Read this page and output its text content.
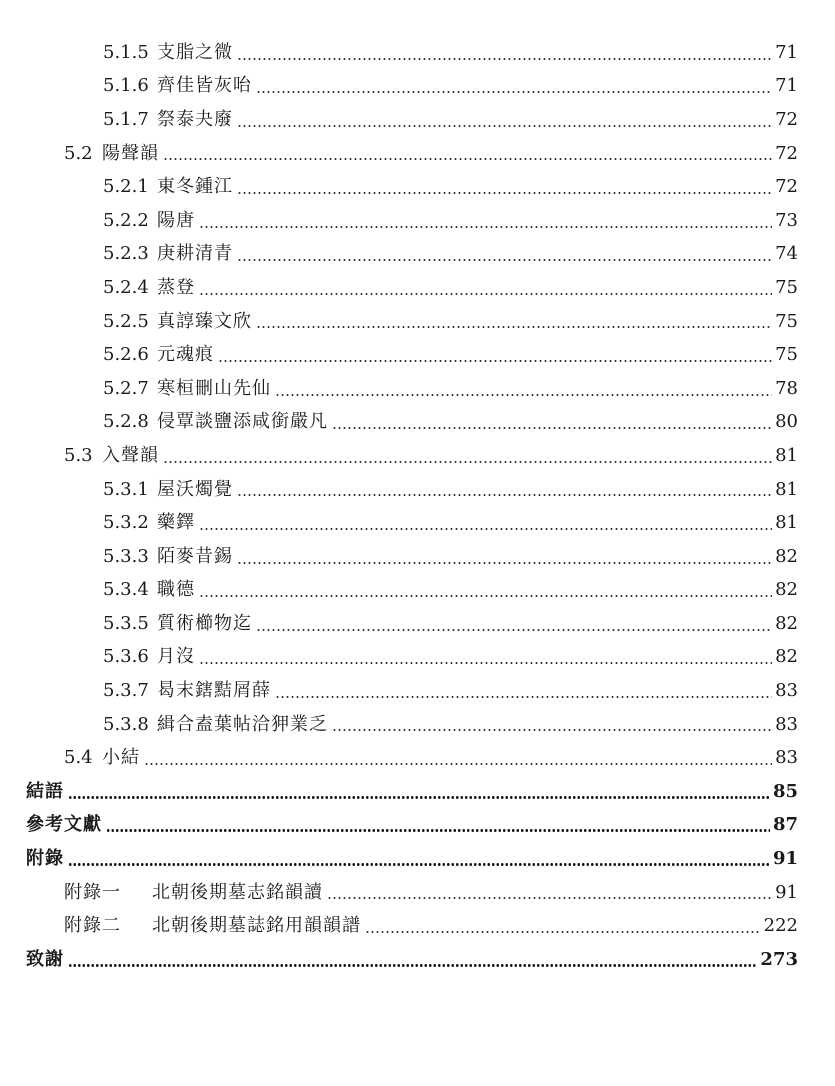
5.1.5 支脂之微	71
5.1.6 齊佳皆灰咍	71
5.1.7 祭泰夬廢	72
5.2 陽聲韻	72
5.2.1 東冬鍾江	72
5.2.2 陽唐	73
5.2.3 庚耕清青	74
5.2.4 蒸登	75
5.2.5 真諄臻文欣	75
5.2.6 元魂痕	75
5.2.7 寒桓刪山先仙	78
5.2.8 侵覃談鹽添咸銜嚴凡	80
5.3 入聲韻	81
5.3.1 屋沃燭覺	81
5.3.2 藥鐸	81
5.3.3 陌麥昔錫	82
5.3.4 職德	82
5.3.5 質術櫛物迄	82
5.3.6 月沒	82
5.3.7 曷末鎋黠屑薛	83
5.3.8 緝合盍葉帖洽狎業乏	83
5.4 小結	83
結語	85
參考文獻	87
附錄	91
附錄一	北朝後期墓志銘韻讀	91
附錄二	北朝後期墓誌銘用韻韻譜	222
致謝	273
